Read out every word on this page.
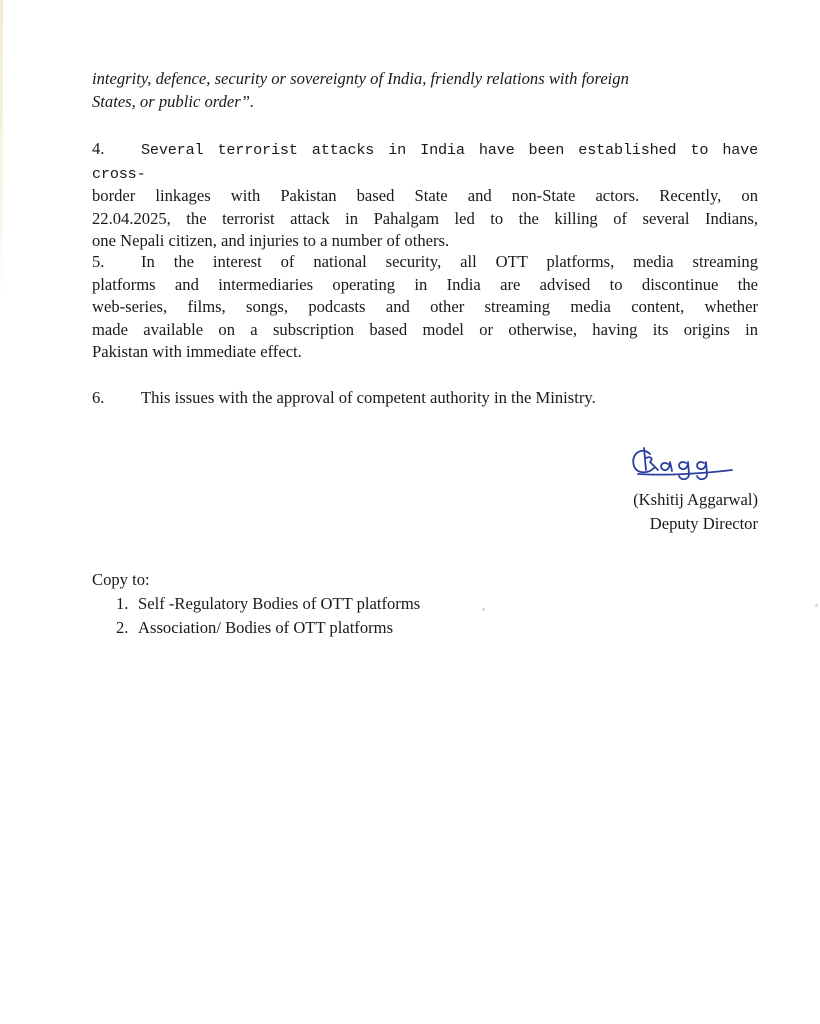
integrity, defence, security or sovereignty of India, friendly relations with foreign
States, or public order”.
4. Several terrorist attacks in India have been established to have cross-
border linkages with Pakistan based State and non-State actors. Recently, on
22.04.2025, the terrorist attack in Pahalgam led to the killing of several Indians,
one Nepali citizen, and injuries to a number of others.
5. In the interest of national security, all OTT platforms, media streaming
platforms and intermediaries operating in India are advised to discontinue the
web-series, films, songs, podcasts and other streaming media content, whether
made available on a subscription based model or otherwise, having its origins in
Pakistan with immediate effect.
6. This issues with the approval of competent authority in the Ministry.
(Kshitij Aggarwal)
Deputy Director
Copy to:
1. Self -Regulatory Bodies of OTT platforms
2. Association/ Bodies of OTT platforms
